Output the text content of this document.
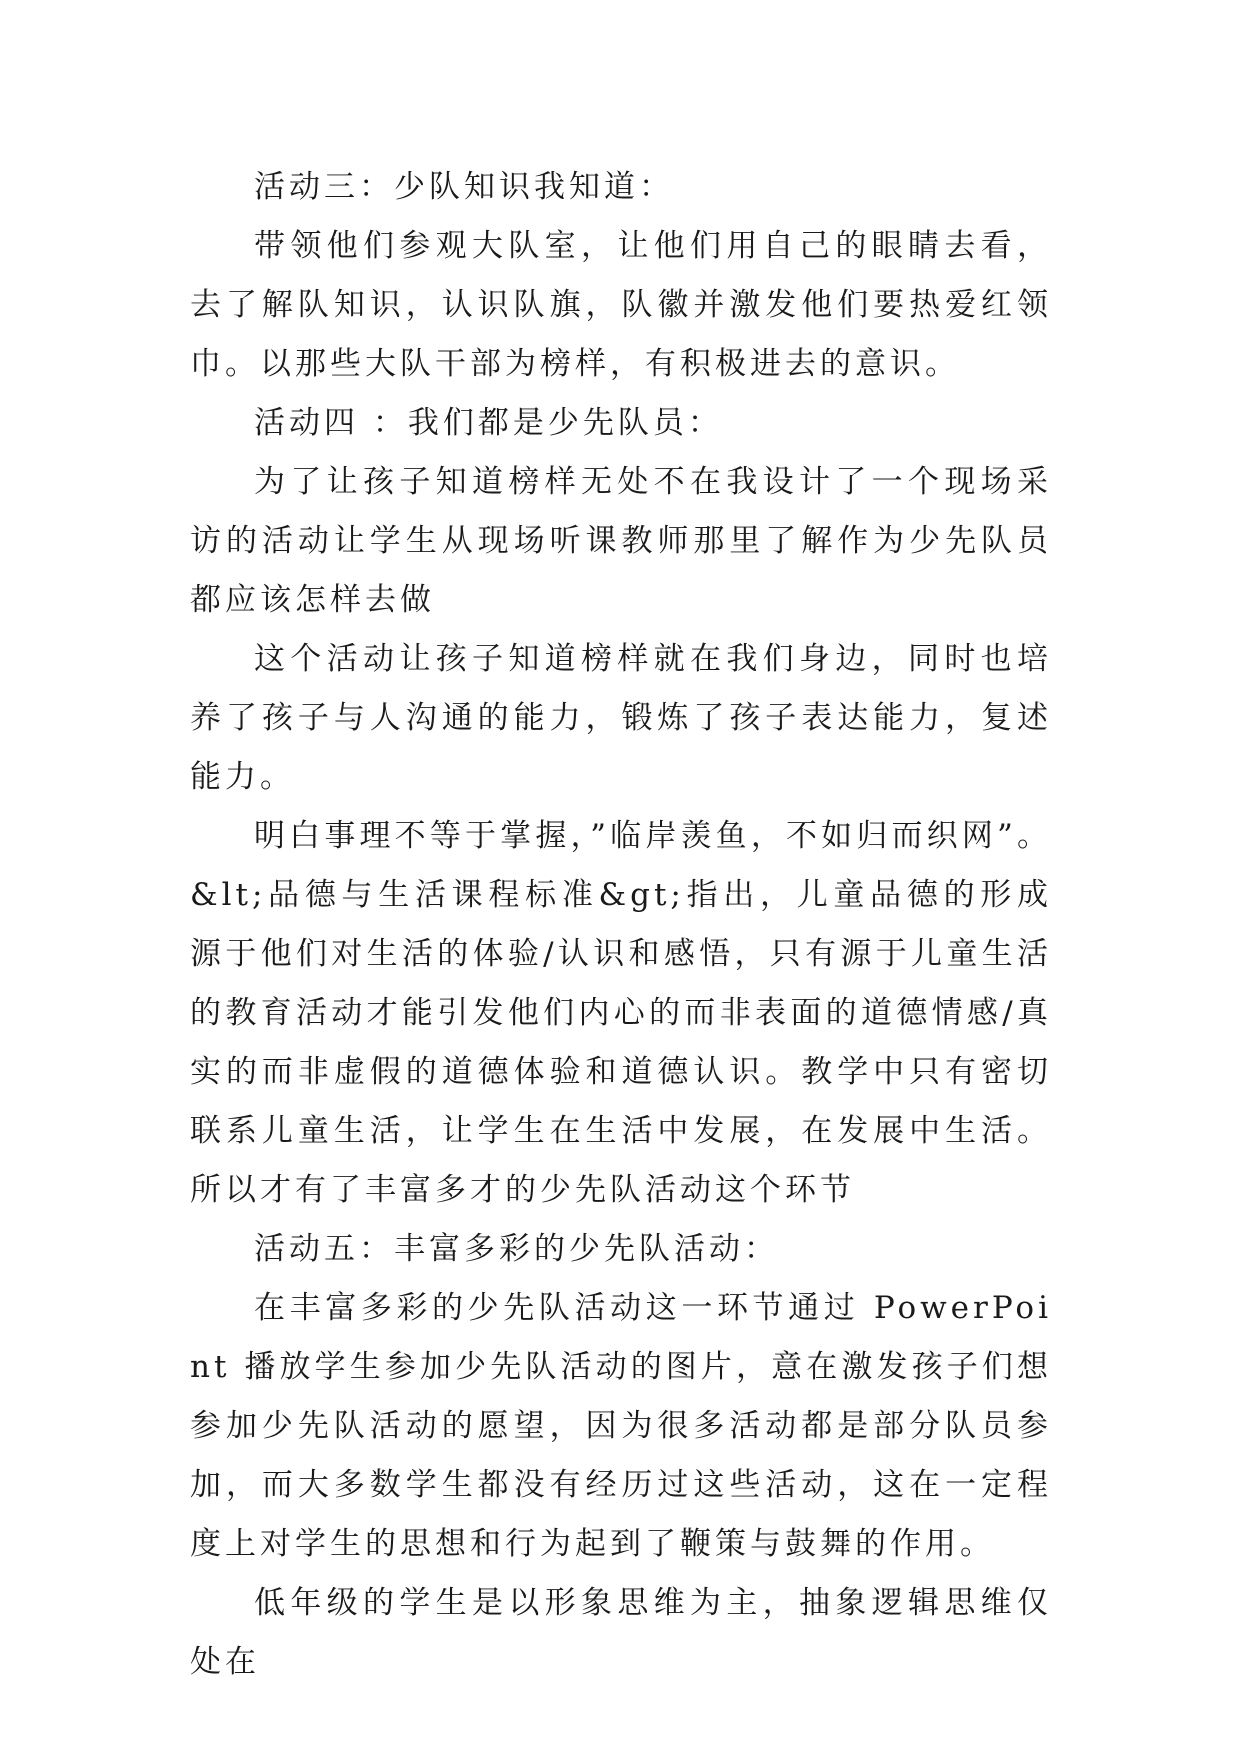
活动三：少队知识我知道：

带领他们参观大队室，让他们用自己的眼睛去看，去了解队知识，认识队旗，队徽并激发他们要热爱红领巾。以那些大队干部为榜样，有积极进去的意识。

活动四 ：我们都是少先队员：

为了让孩子知道榜样无处不在我设计了一个现场采访的活动让学生从现场听课教师那里了解作为少先队员都应该怎样去做

这个活动让孩子知道榜样就在我们身边，同时也培养了孩子与人沟通的能力，锻炼了孩子表达能力，复述能力。

明白事理不等于掌握，”临岸羡鱼，不如归而织网”。&lt;品德与生活课程标准&gt;指出，儿童品德的形成源于他们对生活的体验/认识和感悟，只有源于儿童生活的教育活动才能引发他们内心的而非表面的道德情感/真实的而非虚假的道德体验和道德认识。教学中只有密切联系儿童生活，让学生在生活中发展，在发展中生活。所以才有了丰富多才的少先队活动这个环节

活动五：丰富多彩的少先队活动：

在丰富多彩的少先队活动这一环节通过 PowerPoint 播放学生参加少先队活动的图片，意在激发孩子们想参加少先队活动的愿望，因为很多活动都是部分队员参加，而大多数学生都没有经历过这些活动，这在一定程度上对学生的思想和行为起到了鞭策与鼓舞的作用。

低年级的学生是以形象思维为主，抽象逻辑思维仅处在
